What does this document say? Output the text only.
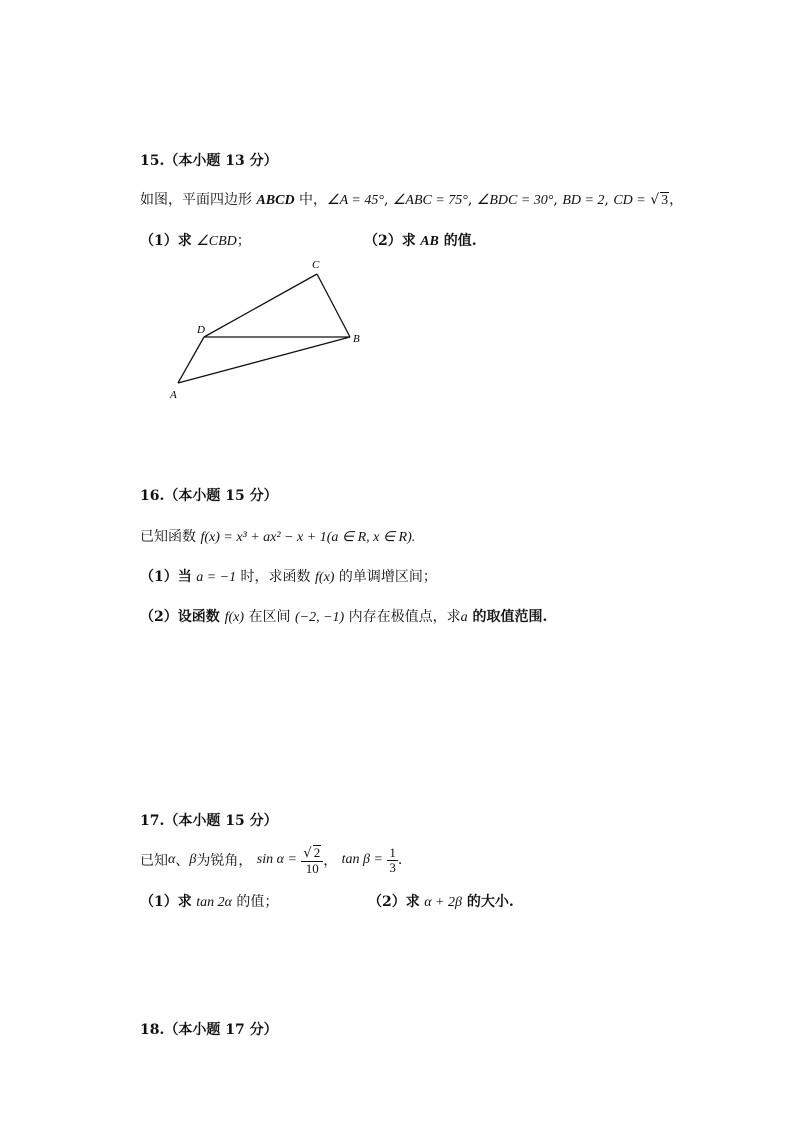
15.（本小题 13 分）
如图，平面四边形 ABCD 中，∠A = 45°, ∠ABC = 75°, ∠BDC = 30°, BD = 2, CD = √ 3，
（1）求 ∠CBD；	（2）求 AB 的值.
A
B
C
D
16.（本小题 15 分）
已知函数 f(x) = x³ + ax² − x + 1(a ∈ R, x ∈ R).
（1）当 a = −1 时，求函数 f(x) 的单调增区间；
（2）设函数 f(x) 在区间 (−2, −1) 内存在极值点，求a 的取值范围.
17.（本小题 15 分）
已知 α 、 β 为锐角，
sin α =
$\frac{√ 2}{10}$ ，
tan β =
$\frac{1}{3}$ .
（1）求 tan 2α 的值；	（2）求 α + 2β 的大小.
18.（本小题 17 分）
